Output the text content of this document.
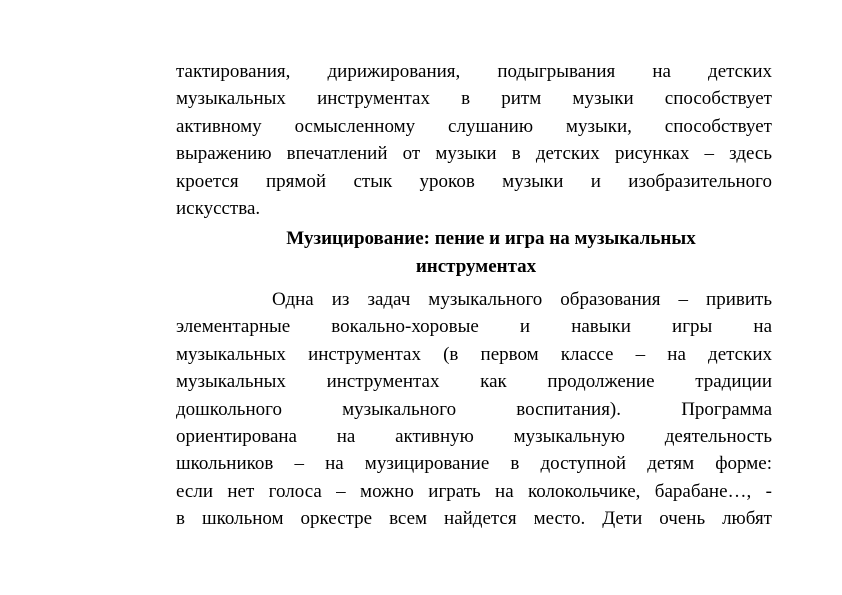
тактирования, дирижирования, подыгрывания на детских
музыкальных инструментах в ритм музыки способствует
активному осмысленному слушанию музыки, способствует
выражению впечатлений от музыки в детских рисунках – здесь
кроется прямой стык уроков музыки и изобразительного
искусства.
Музицирование: пение и игра на музыкальных
инструментах
Одна из задач музыкального образования – привить
элементарные вокально-хоровые и навыки игры на
музыкальных инструментах (в первом классе – на детских
музыкальных инструментах как продолжение традиции
дошкольного музыкального воспитания). Программа
ориентирована на активную музыкальную деятельность
школьников – на музицирование в доступной детям форме:
если нет голоса – можно играть на колокольчике, барабане…, -
в школьном оркестре всем найдется место. Дети очень любят
